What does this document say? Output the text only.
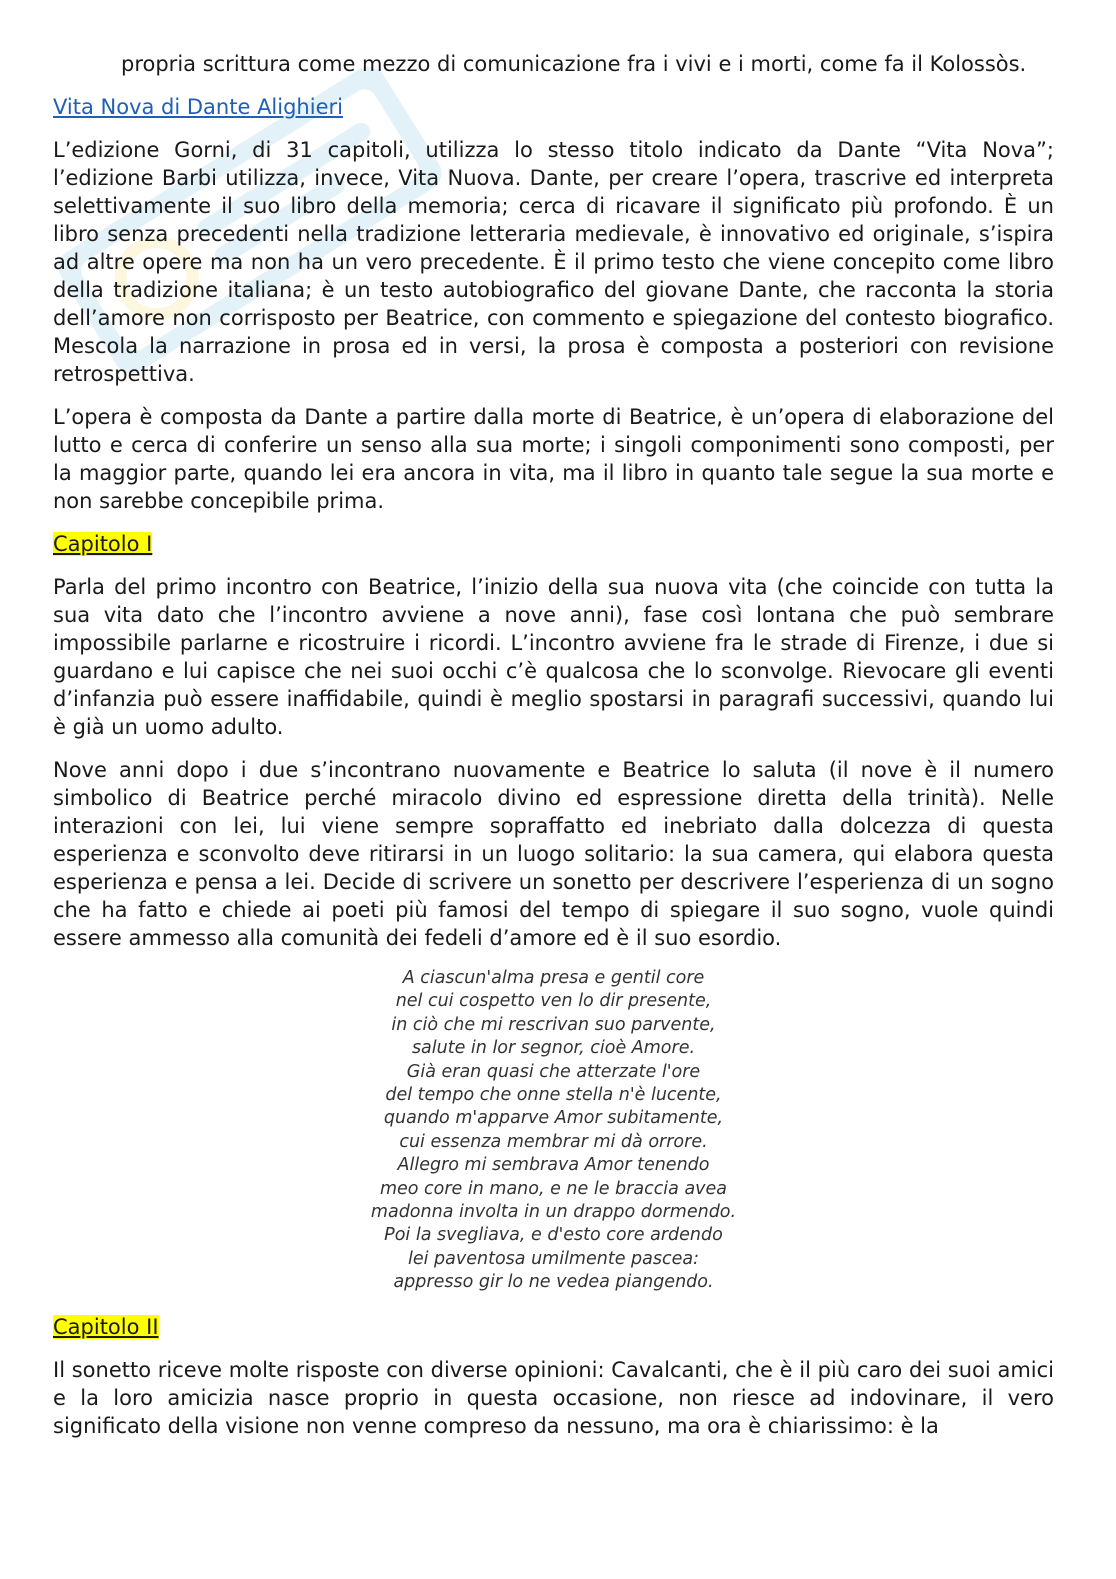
propria scrittura come mezzo di comunicazione fra i vivi e i morti, come fa il Kolossòs.

Vita Nova di Dante Alighieri

L’edizione Gorni, di 31 capitoli, utilizza lo stesso titolo indicato da Dante “Vita Nova”; l’edizione Barbi utilizza, invece, Vita Nuova. Dante, per creare l’opera, trascrive ed interpreta selettivamente il suo libro della memoria; cerca di ricavare il significato più profondo. È un libro senza precedenti nella tradizione letteraria medievale, è innovativo ed originale, s’ispira ad altre opere ma non ha un vero precedente. È il primo testo che viene concepito come libro della tradizione italiana; è un testo autobiografico del giovane Dante, che racconta la storia dell’amore non corrisposto per Beatrice, con commento e spiegazione del contesto biografico. Mescola la narrazione in prosa ed in versi, la prosa è composta a posteriori con revisione retrospettiva.

L’opera è composta da Dante a partire dalla morte di Beatrice, è un’opera di elaborazione del lutto e cerca di conferire un senso alla sua morte; i singoli componimenti sono composti, per la maggior parte, quando lei era ancora in vita, ma il libro in quanto tale segue la sua morte e non sarebbe concepibile prima.

Capitolo I

Parla del primo incontro con Beatrice, l’inizio della sua nuova vita (che coincide con tutta la sua vita dato che l’incontro avviene a nove anni), fase così lontana che può sembrare impossibile parlarne e ricostruire i ricordi. L’incontro avviene fra le strade di Firenze, i due si guardano e lui capisce che nei suoi occhi c’è qualcosa che lo sconvolge. Rievocare gli eventi d’infanzia può essere inaffidabile, quindi è meglio spostarsi in paragrafi successivi, quando lui è già un uomo adulto.

Nove anni dopo i due s’incontrano nuovamente e Beatrice lo saluta (il nove è il numero simbolico di Beatrice perché miracolo divino ed espressione diretta della trinità). Nelle interazioni con lei, lui viene sempre sopraffatto ed inebriato dalla dolcezza di questa esperienza e sconvolto deve ritirarsi in un luogo solitario: la sua camera, qui elabora questa esperienza e pensa a lei. Decide di scrivere un sonetto per descrivere l’esperienza di un sogno che ha fatto e chiede ai poeti più famosi del tempo di spiegare il suo sogno, vuole quindi essere ammesso alla comunità dei fedeli d’amore ed è il suo esordio.

A ciascun'alma presa e gentil core
nel cui cospetto ven lo dir presente,
in ciò che mi rescrivan suo parvente,
salute in lor segnor, cioè Amore.
Già eran quasi che atterzate l'ore
del tempo che onne stella n'è lucente,
quando m'apparve Amor subitamente,
cui essenza membrar mi dà orrore.
Allegro mi sembrava Amor tenendo
meo core in mano, e ne le braccia avea
madonna involta in un drappo dormendo.
Poi la svegliava, e d'esto core ardendo
lei paventosa umilmente pascea:
appresso gir lo ne vedea piangendo.
Capitolo II

Il sonetto riceve molte risposte con diverse opinioni: Cavalcanti, che è il più caro dei suoi amici e la loro amicizia nasce proprio in questa occasione, non riesce ad indovinare, il vero significato della visione non venne compreso da nessuno, ma ora è chiarissimo: è la
